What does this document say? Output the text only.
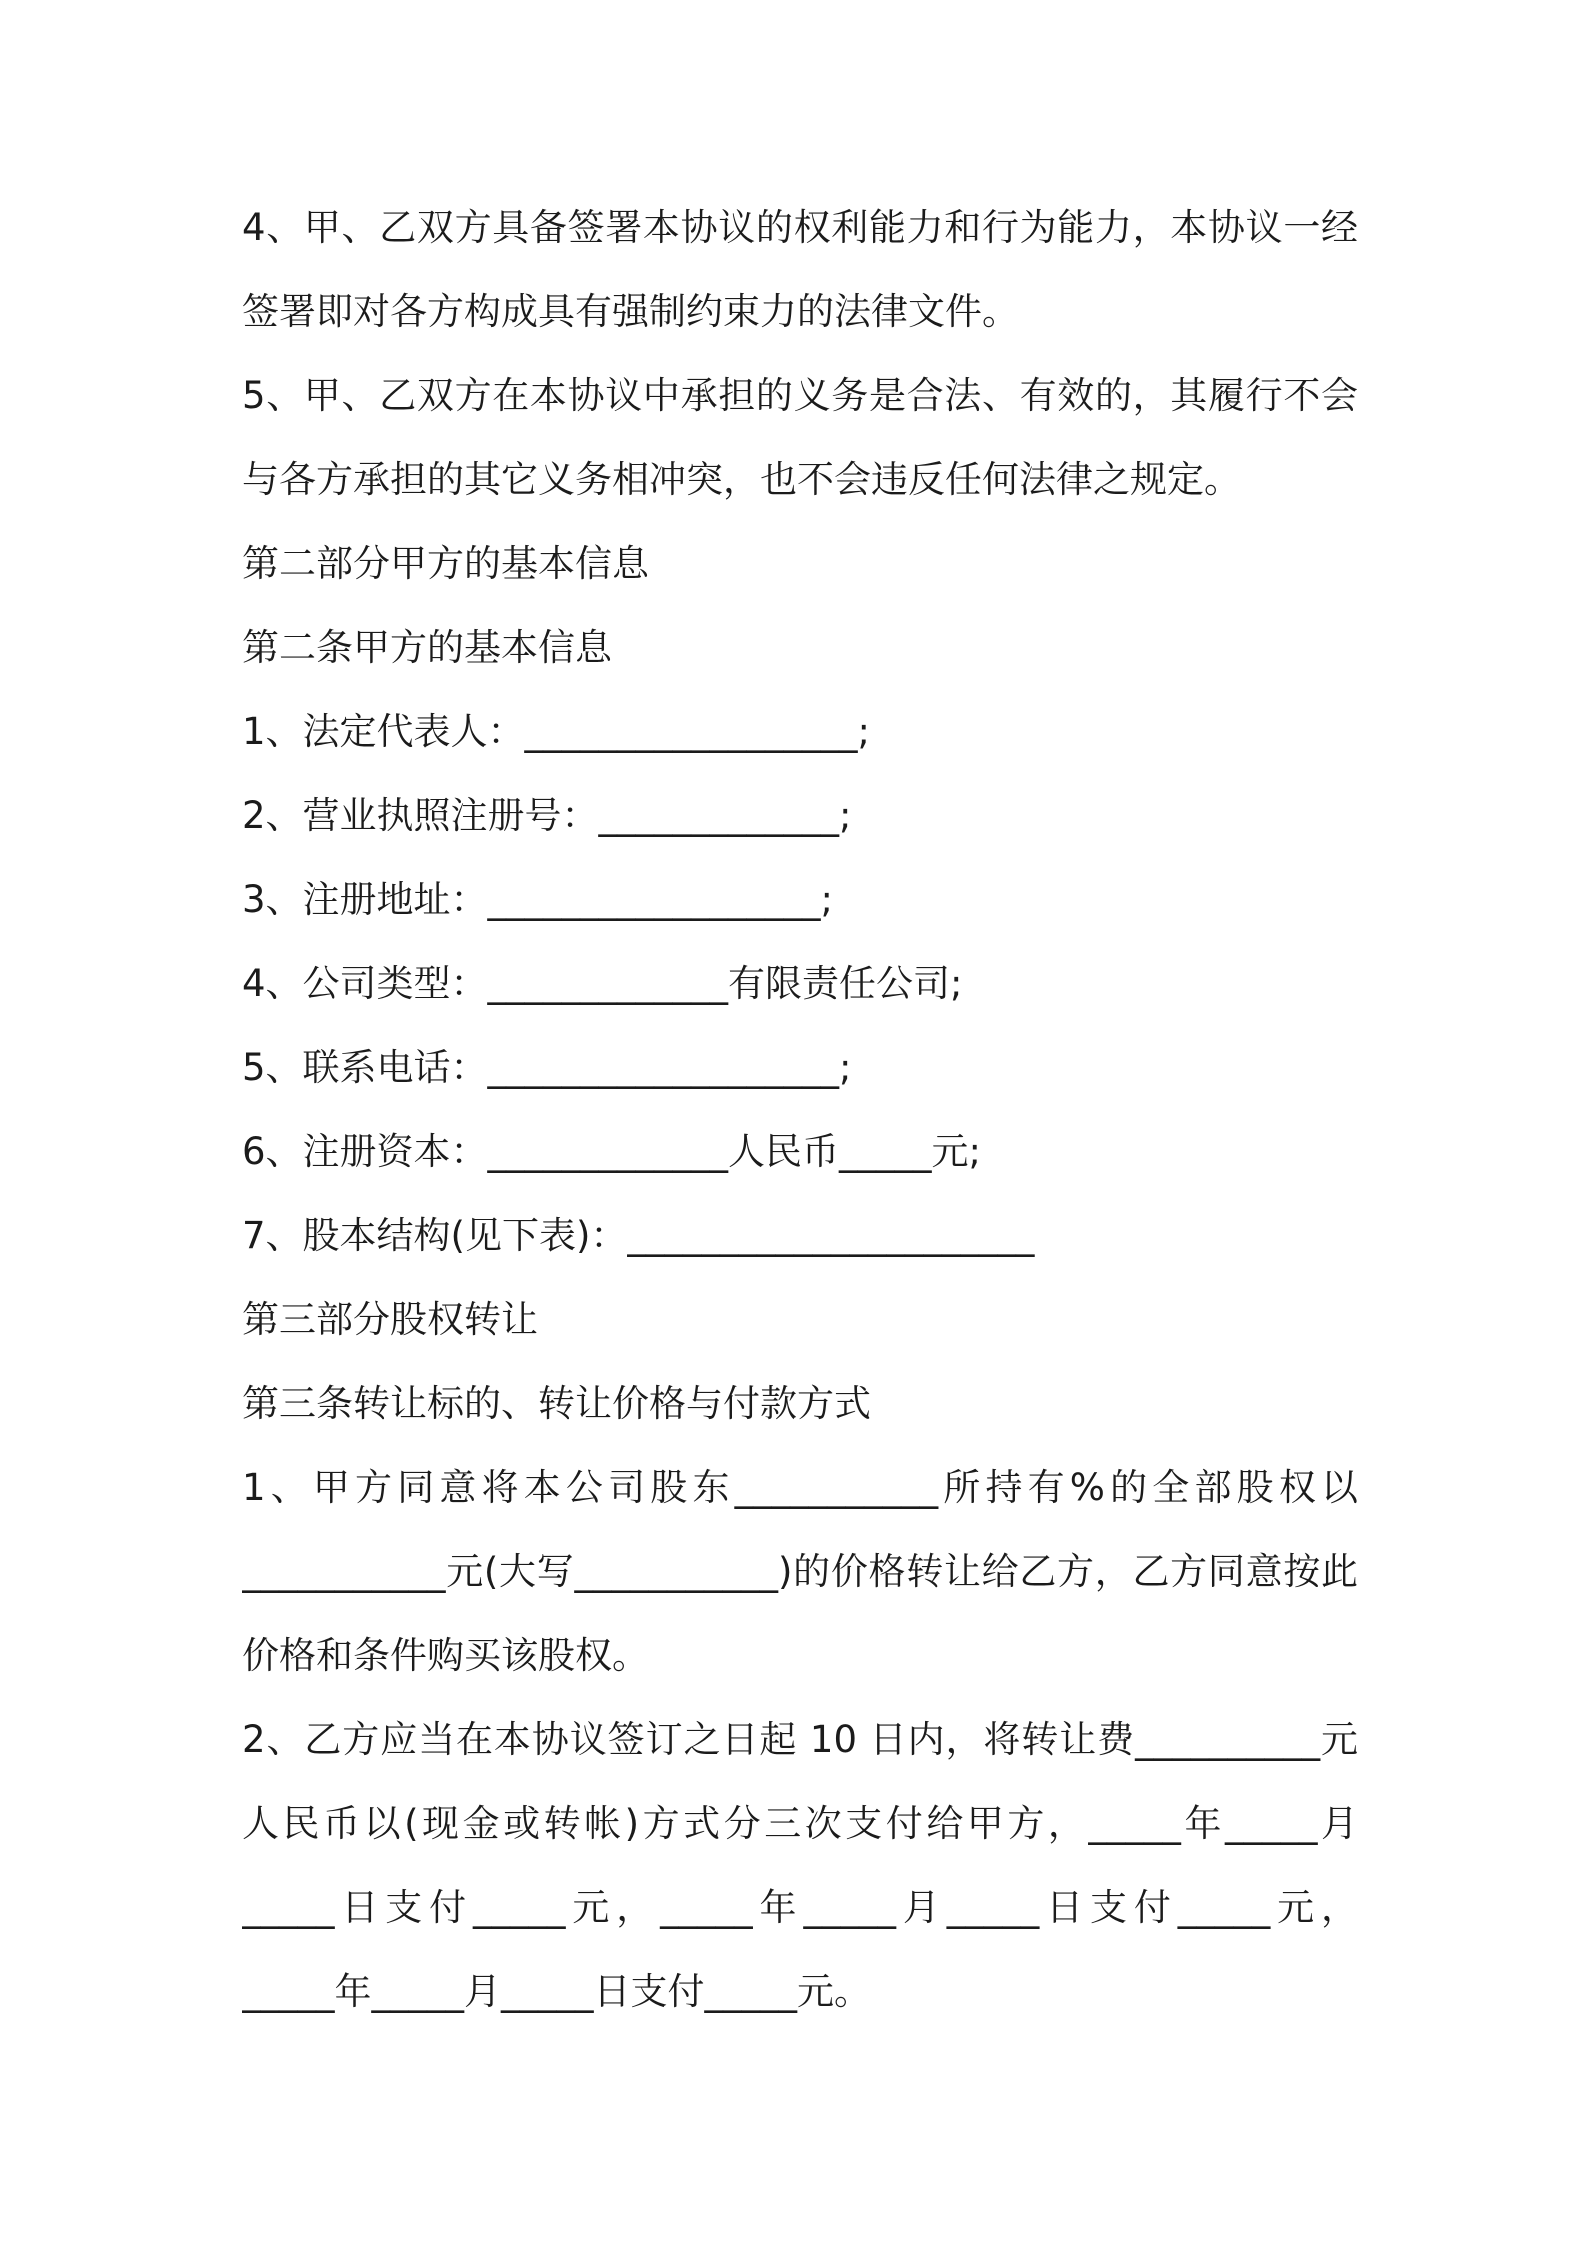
4、甲、乙双方具备签署本协议的权利能力和行为能力，本协议一经
签署即对各方构成具有强制约束力的法律文件。
5、甲、乙双方在本协议中承担的义务是合法、有效的，其履行不会
与各方承担的其它义务相冲突，也不会违反任何法律之规定。
第二部分甲方的基本信息
第二条甲方的基本信息
1、法定代表人：__________________;
2、营业执照注册号：_____________;
3、注册地址：__________________;
4、公司类型：_____________有限责任公司;
5、联系电话：___________________;
6、注册资本：_____________人民币_____元;
7、股本结构(见下表)：______________________
第三部分股权转让
第三条转让标的、转让价格与付款方式
1、甲方同意将本公司股东___________所持有%的全部股权以
___________元(大写___________)的价格转让给乙方，乙方同意按此
价格和条件购买该股权。
2、乙方应当在本协议签订之日起 10 日内，将转让费__________元
人民币以(现金或转帐)方式分三次支付给甲方，_____年_____月
_____日支付_____元，_____年_____月_____日支付_____元，
_____年_____月_____日支付_____元。
